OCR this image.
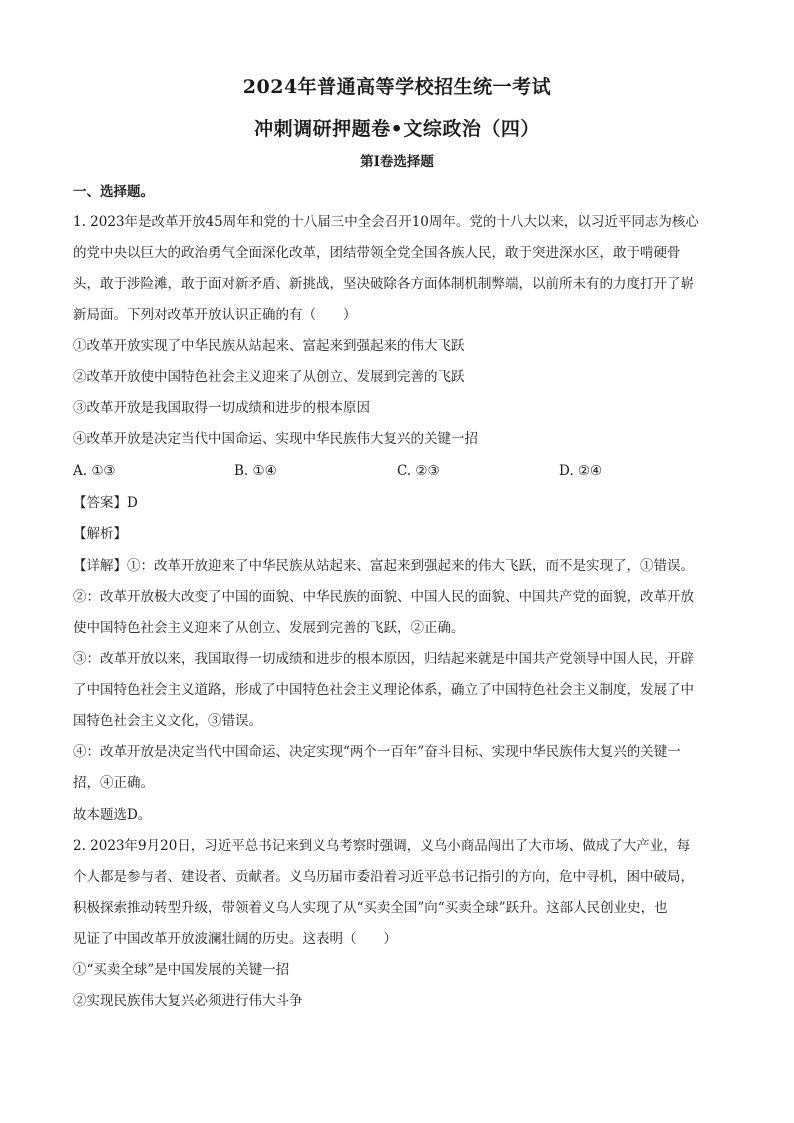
2024年普通高等学校招生统一考试
冲刺调研押题卷•文综政治（四）
第Ⅰ卷选择题
一、选择题。
1. 2023年是改革开放45周年和党的十八届三中全会召开10周年。党的十八大以来，以习近平同志为核心
的党中央以巨大的政治勇气全面深化改革，团结带领全党全国各族人民，敢于突进深水区，敢于啃硬骨
头，敢于涉险滩，敢于面对新矛盾、新挑战，坚决破除各方面体制机制弊端，以前所未有的力度打开了崭
新局面。下列对改革开放认识正确的有（　　）
①改革开放实现了中华民族从站起来、富起来到强起来的伟大飞跃
②改革开放使中国特色社会主义迎来了从创立、发展到完善的飞跃
③改革开放是我国取得一切成绩和进步的根本原因
④改革开放是决定当代中国命运、实现中华民族伟大复兴的关键一招
A. ①③	B. ①④	C. ②③	D. ②④
【答案】D
【解析】
【详解】①：改革开放迎来了中华民族从站起来、富起来到强起来的伟大飞跃，而不是实现了，①错误。
②：改革开放极大改变了中国的面貌、中华民族的面貌、中国人民的面貌、中国共产党的面貌，改革开放
使中国特色社会主义迎来了从创立、发展到完善的飞跃，②正确。
③：改革开放以来，我国取得一切成绩和进步的根本原因，归结起来就是中国共产党领导中国人民，开辟
了中国特色社会主义道路，形成了中国特色社会主义理论体系，确立了中国特色社会主义制度，发展了中
国特色社会主义文化，③错误。
④：改革开放是决定当代中国命运、决定实现“两个一百年”奋斗目标、实现中华民族伟大复兴的关键一
招，④正确。
故本题选D。
2. 2023年9月20日，习近平总书记来到义乌考察时强调，义乌小商品闯出了大市场、做成了大产业，每
个人都是参与者、建设者、贡献者。义乌历届市委沿着习近平总书记指引的方向，危中寻机，困中破局，
积极探索推动转型升级，带领着义乌人实现了从“买卖全国”向“买卖全球”跃升。这部人民创业史，也
见证了中国改革开放波澜壮阔的历史。这表明（　　）
①“买卖全球”是中国发展的关键一招
②实现民族伟大复兴必须进行伟大斗争
